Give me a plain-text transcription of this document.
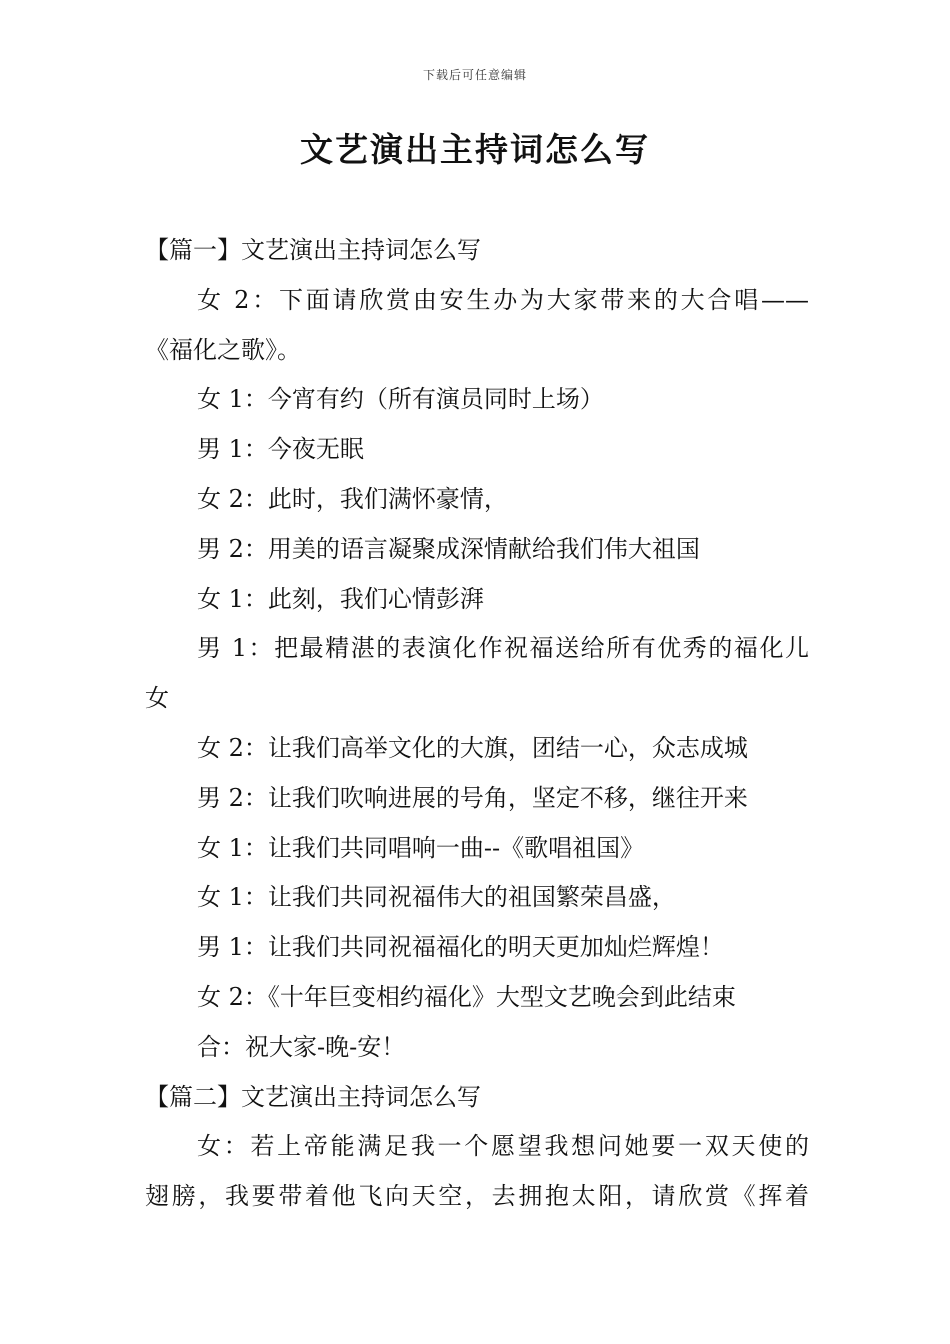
下载后可任意编辑
文艺演出主持词怎么写
【篇一】文艺演出主持词怎么写
女 2：下面请欣赏由安生办为大家带来的大合唱——
《福化之歌》。
女 1：今宵有约（所有演员同时上场）
男 1：今夜无眠
女 2：此时，我们满怀豪情，
男 2：用美的语言凝聚成深情献给我们伟大祖国
女 1：此刻，我们心情彭湃
男 1：把最精湛的表演化作祝福送给所有优秀的福化儿
女
女 2：让我们高举文化的大旗，团结一心，众志成城
男 2：让我们吹响进展的号角，坚定不移，继往开来
女 1：让我们共同唱响一曲--《歌唱祖国》
女 1：让我们共同祝福伟大的祖国繁荣昌盛，
男 1：让我们共同祝福福化的明天更加灿烂辉煌！
女 2：《十年巨变相约福化》大型文艺晚会到此结束
合：祝大家-晚-安！
【篇二】文艺演出主持词怎么写
女：若上帝能满足我一个愿望我想问她要一双天使的
翅膀，我要带着他飞向天空，去拥抱太阳，请欣赏《挥着
